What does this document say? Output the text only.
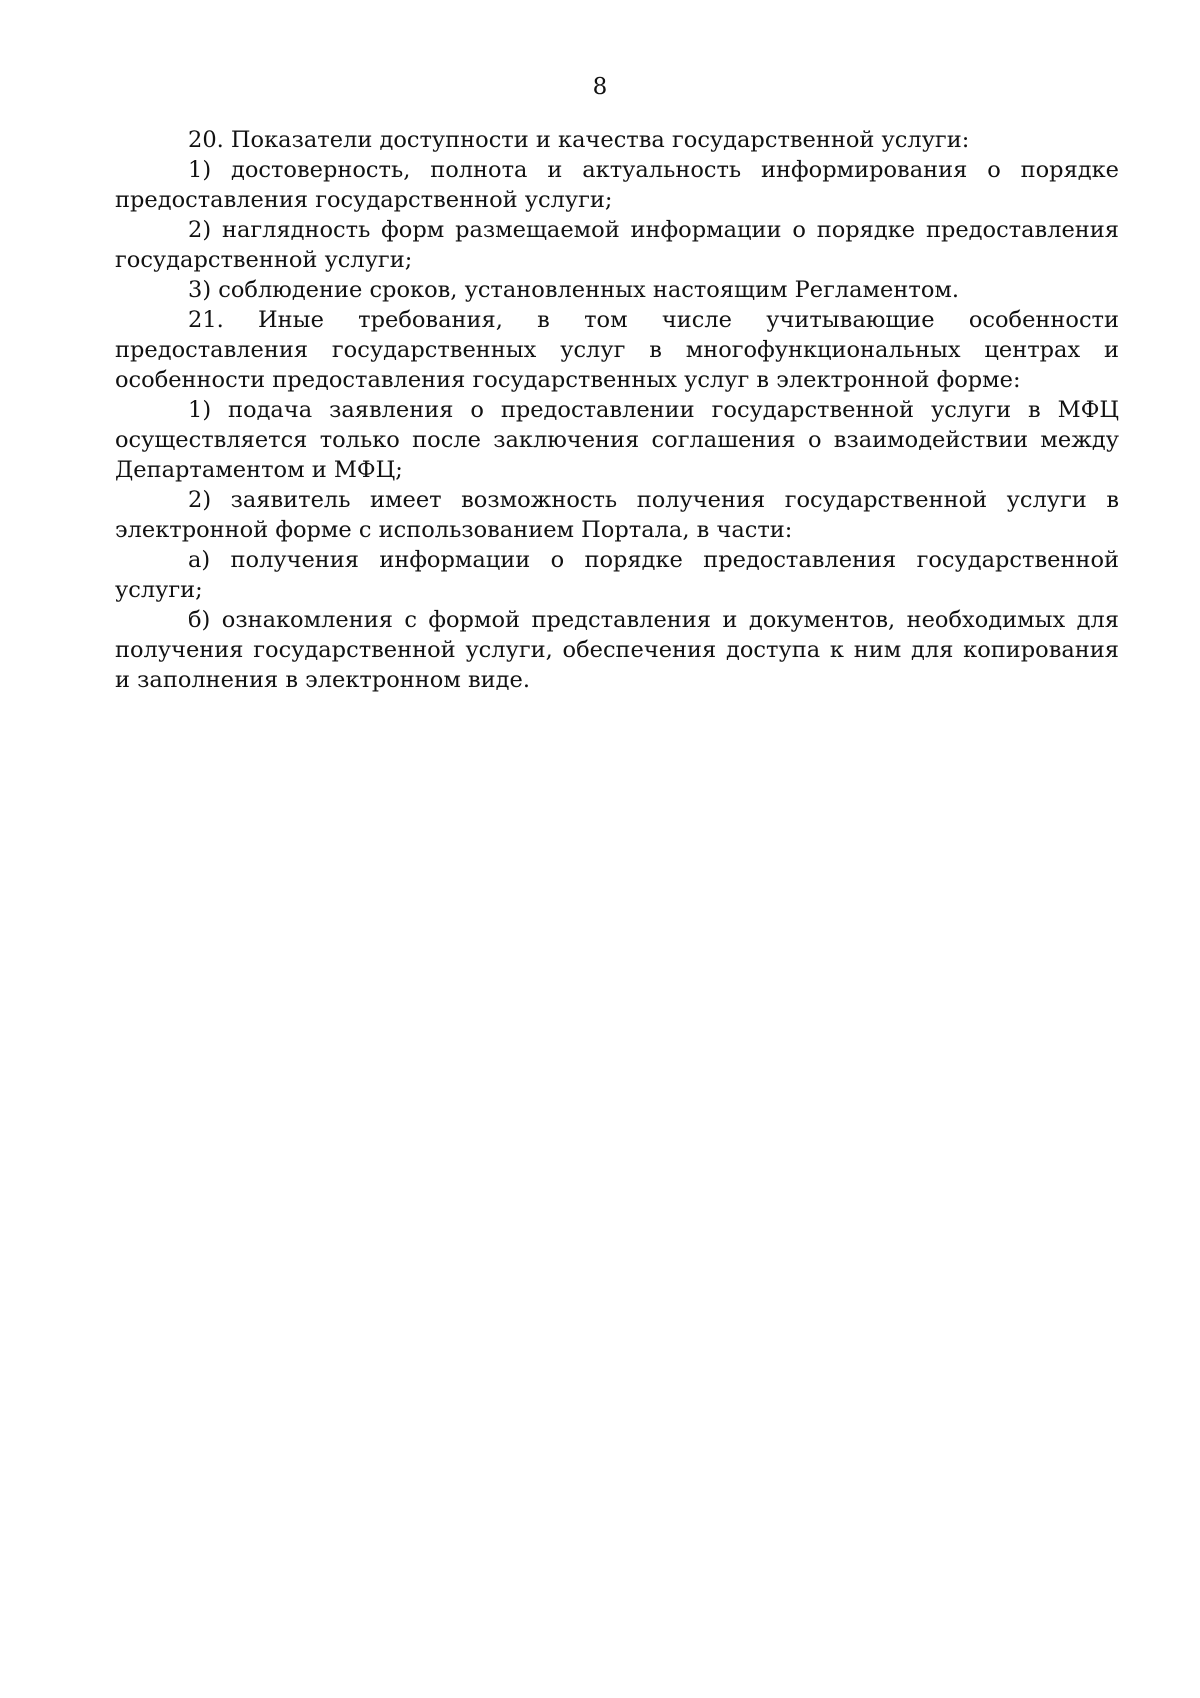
8

20. Показатели доступности и качества государственной услуги:

1) достоверность, полнота и актуальность информирования о порядке предоставления государственной услуги;

2) наглядность форм размещаемой информации о порядке предоставления государственной услуги;

3) соблюдение сроков, установленных настоящим Регламентом.

21. Иные требования, в том числе учитывающие особенности предоставления государственных услуг в многофункциональных центрах и особенности предоставления государственных услуг в электронной форме:

1) подача заявления о предоставлении государственной услуги в МФЦ осуществляется только после заключения соглашения о взаимодействии между Департаментом и МФЦ;

2) заявитель имеет возможность получения государственной услуги в электронной форме с использованием Портала, в части:

а) получения информации о порядке предоставления государственной услуги;

б) ознакомления с формой представления и документов, необходимых для получения государственной услуги, обеспечения доступа к ним для копирования и заполнения в электронном виде.
